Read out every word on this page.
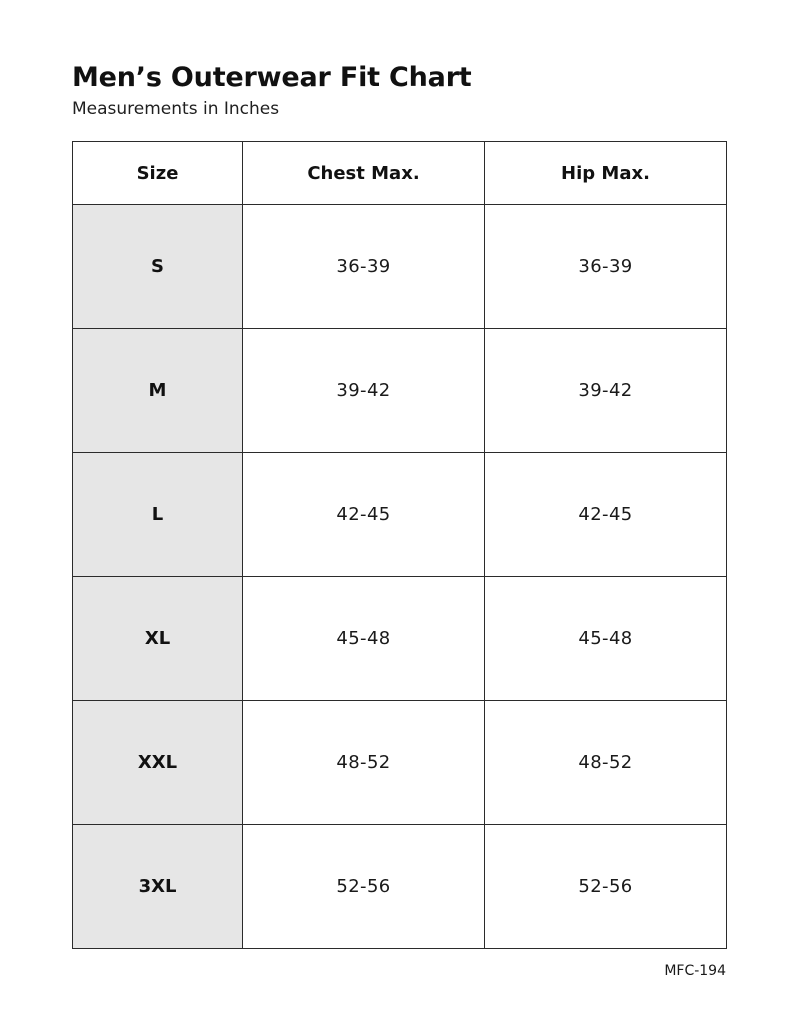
Men’s Outerwear Fit Chart
Measurements in Inches
Size	Chest Max.	Hip Max.
S	36-39	36-39
M	39-42	39-42
L	42-45	42-45
XL	45-48	45-48
XXL	48-52	48-52
3XL	52-56	52-56
MFC-194
